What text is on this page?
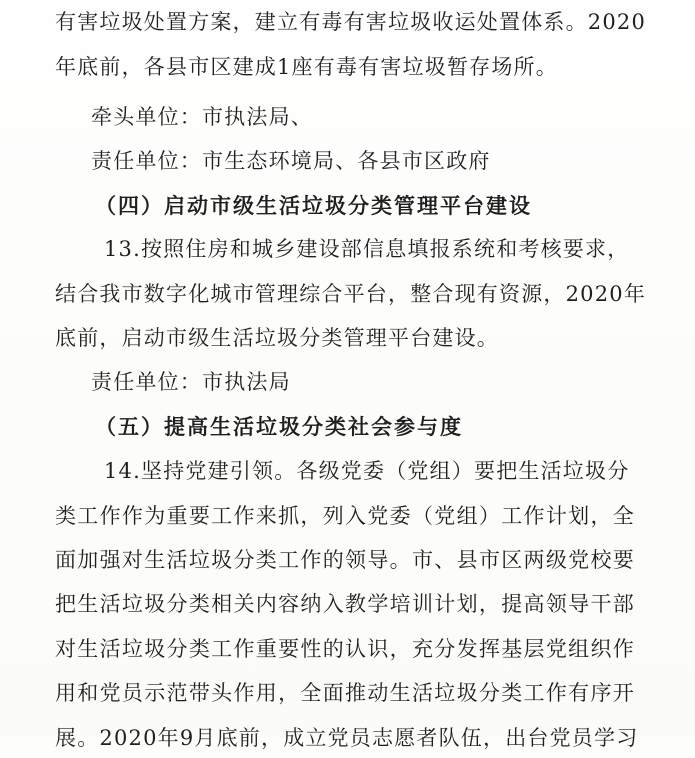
有害垃圾处置方案，建立有毒有害垃圾收运处置体系。2020
年底前，各县市区建成1座有毒有害垃圾暂存场所。
牵头单位：市执法局、
责任单位：市生态环境局、各县市区政府
（四）启动市级生活垃圾分类管理平台建设
13.按照住房和城乡建设部信息填报系统和考核要求，
结合我市数字化城市管理综合平台，整合现有资源，2020年
底前，启动市级生活垃圾分类管理平台建设。
责任单位：市执法局
（五）提高生活垃圾分类社会参与度
14.坚持党建引领。各级党委（党组）要把生活垃圾分
类工作作为重要工作来抓，列入党委（党组）工作计划，全
面加强对生活垃圾分类工作的领导。市、县市区两级党校要
把生活垃圾分类相关内容纳入教学培训计划，提高领导干部
对生活垃圾分类工作重要性的认识，充分发挥基层党组织作
用和党员示范带头作用，全面推动生活垃圾分类工作有序开
展。2020年9月底前，成立党员志愿者队伍，出台党员学习
